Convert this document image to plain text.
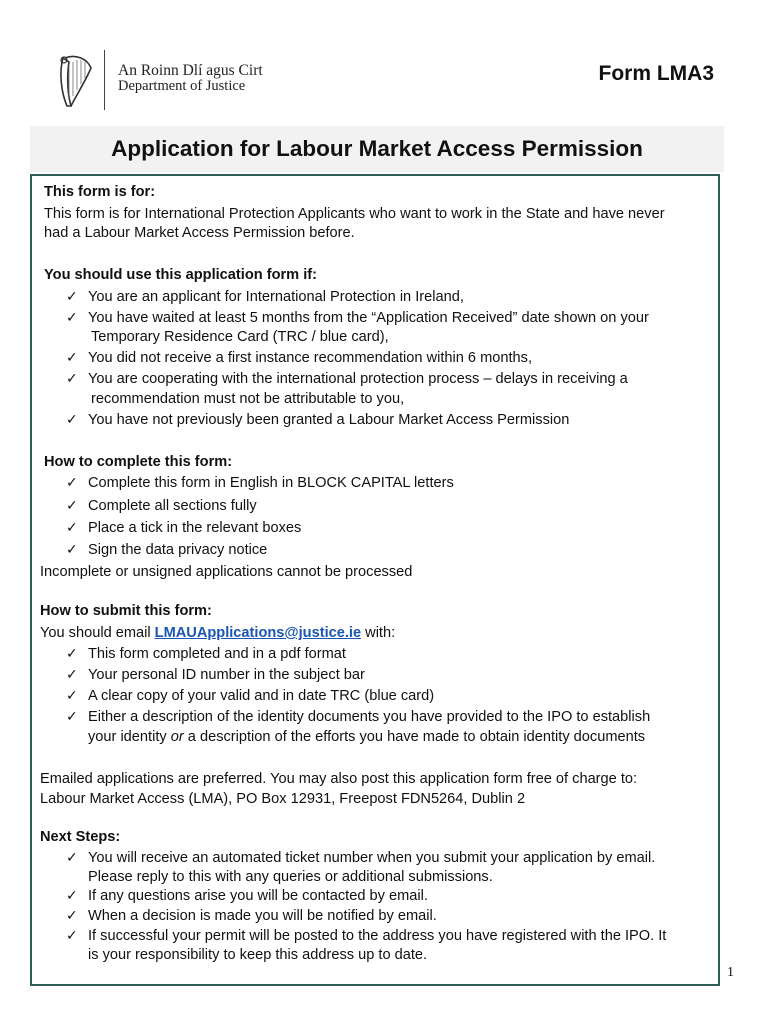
An Roinn Dlí agus Cirt
Department of Justice
Form LMA3
Application for Labour Market Access Permission
This form is for:
This form is for International Protection Applicants who want to work in the State and have never
had a Labour Market Access Permission before.
You should use this application form if:
✓ You are an applicant for International Protection in Ireland,
✓ You have waited at least 5 months from the “Application Received” date shown on your
Temporary Residence Card (TRC / blue card),
✓ You did not receive a first instance recommendation within 6 months,
✓ You are cooperating with the international protection process – delays in receiving a
recommendation must not be attributable to you,
✓ You have not previously been granted a Labour Market Access Permission
How to complete this form:
✓ Complete this form in English in BLOCK CAPITAL letters
✓ Complete all sections fully
✓ Place a tick in the relevant boxes
✓ Sign the data privacy notice
Incomplete or unsigned applications cannot be processed
How to submit this form:
You should email LMAUApplications@justice.ie with:
✓ This form completed and in a pdf format
✓ Your personal ID number in the subject bar
✓ A clear copy of your valid and in date TRC (blue card)
✓ Either a description of the identity documents you have provided to the IPO to establish
your identity or a description of the efforts you have made to obtain identity documents
Emailed applications are preferred. You may also post this application form free of charge to:
Labour Market Access (LMA), PO Box 12931, Freepost FDN5264, Dublin 2
Next Steps:
✓ You will receive an automated ticket number when you submit your application by email.
Please reply to this with any queries or additional submissions.
✓ If any questions arise you will be contacted by email.
✓ When a decision is made you will be notified by email.
✓ If successful your permit will be posted to the address you have registered with the IPO. It
is your responsibility to keep this address up to date.
1
